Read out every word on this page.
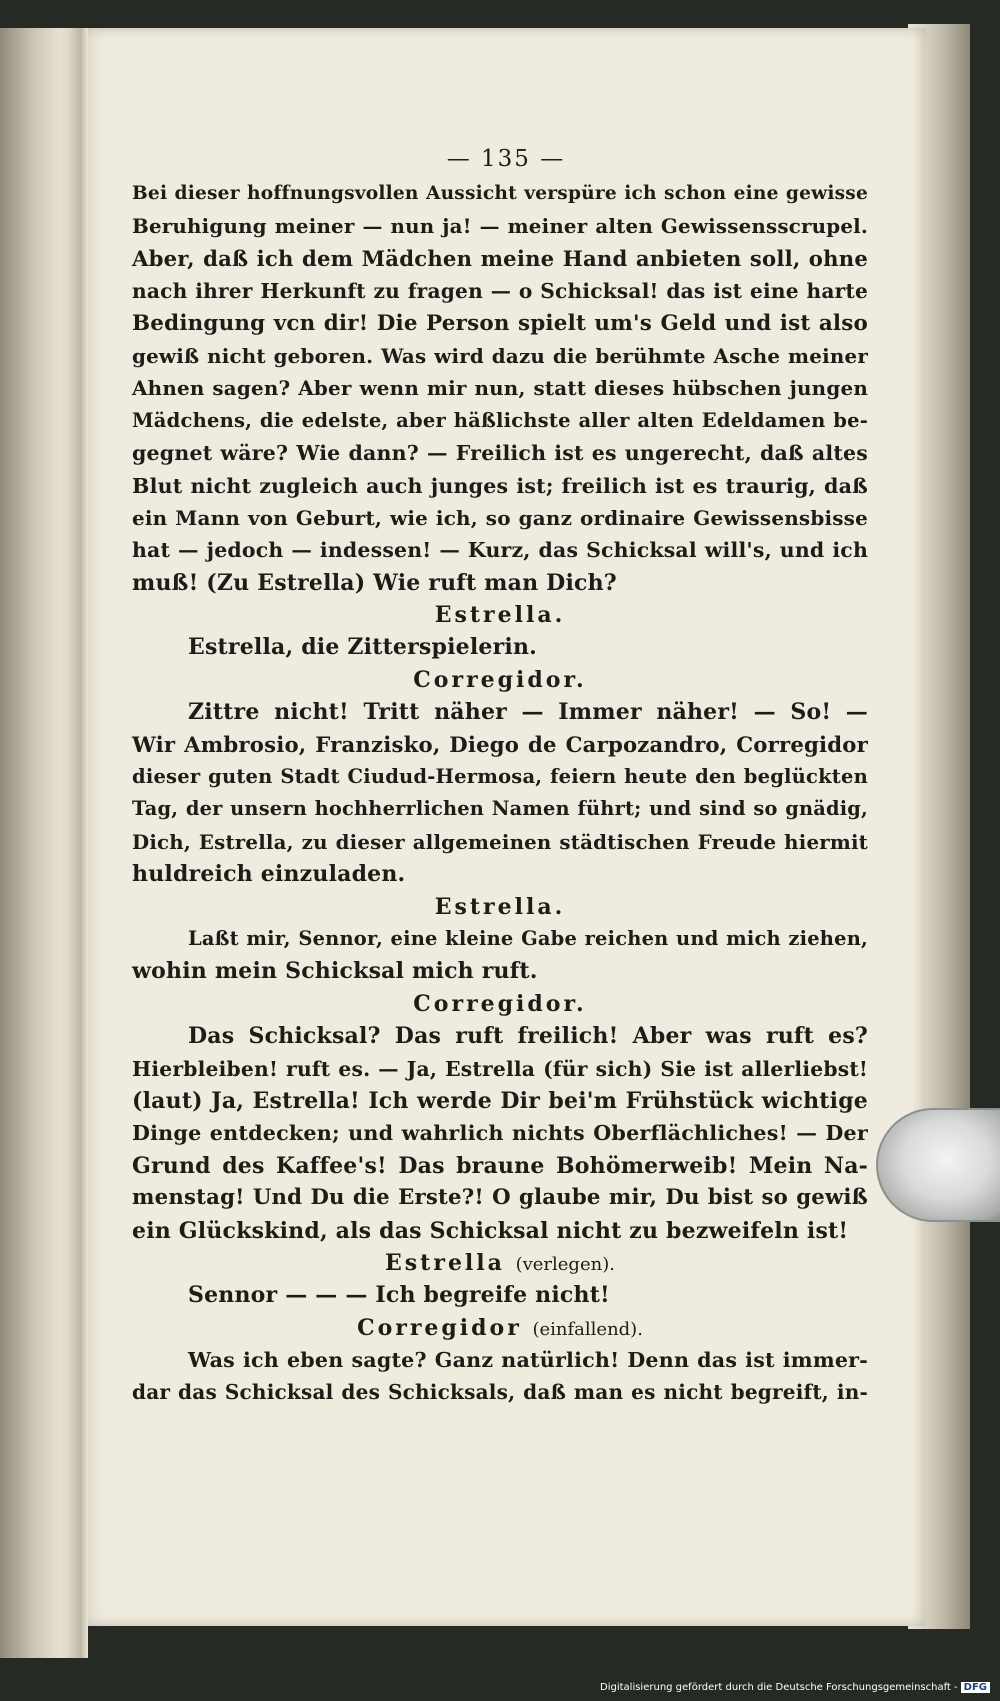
— 135 —
Bei dieser hoffnungsvollen Aussicht verspüre ich schon eine gewisse
Beruhigung meiner — nun ja! — meiner alten Gewissensscrupel.
Aber, daß ich dem Mädchen meine Hand anbieten soll, ohne
nach ihrer Herkunft zu fragen — o Schicksal! das ist eine harte
Bedingung vcn dir! Die Person spielt um's Geld und ist also
gewiß nicht geboren. Was wird dazu die berühmte Asche meiner
Ahnen sagen? Aber wenn mir nun, statt dieses hübschen jungen
Mädchens, die edelste, aber häßlichste aller alten Edeldamen be-
gegnet wäre? Wie dann? — Freilich ist es ungerecht, daß altes
Blut nicht zugleich auch junges ist; freilich ist es traurig, daß
ein Mann von Geburt, wie ich, so ganz ordinaire Gewissensbisse
hat — jedoch — indessen! — Kurz, das Schicksal will's, und ich
muß! (Zu Estrella) Wie ruft man Dich?
Estrella.
Estrella, die Zitterspielerin.
Corregidor.
Zittre nicht! Tritt näher — Immer näher! — So! —
Wir Ambrosio, Franzisko, Diego de Carpozandro, Corregidor
dieser guten Stadt Ciudud-Hermosa, feiern heute den beglückten
Tag, der unsern hochherrlichen Namen führt; und sind so gnädig,
Dich, Estrella, zu dieser allgemeinen städtischen Freude hiermit
huldreich einzuladen.
Estrella.
Laßt mir, Sennor, eine kleine Gabe reichen und mich ziehen,
wohin mein Schicksal mich ruft.
Corregidor.
Das Schicksal? Das ruft freilich! Aber was ruft es?
Hierbleiben! ruft es. — Ja, Estrella (für sich) Sie ist allerliebst!
(laut) Ja, Estrella! Ich werde Dir bei'm Frühstück wichtige
Dinge entdecken; und wahrlich nichts Oberflächliches! — Der
Grund des Kaffee's! Das braune Bohömerweib! Mein Na-
menstag! Und Du die Erste?! O glaube mir, Du bist so gewiß
ein Glückskind, als das Schicksal nicht zu bezweifeln ist!
Estrella (verlegen).
Sennor — — — Ich begreife nicht!
Corregidor (einfallend).
Was ich eben sagte? Ganz natürlich! Denn das ist immer-
dar das Schicksal des Schicksals, daß man es nicht begreift, in-
Digitalisierung gefördert durch die Deutsche Forschungsgemeinschaft - DFG
